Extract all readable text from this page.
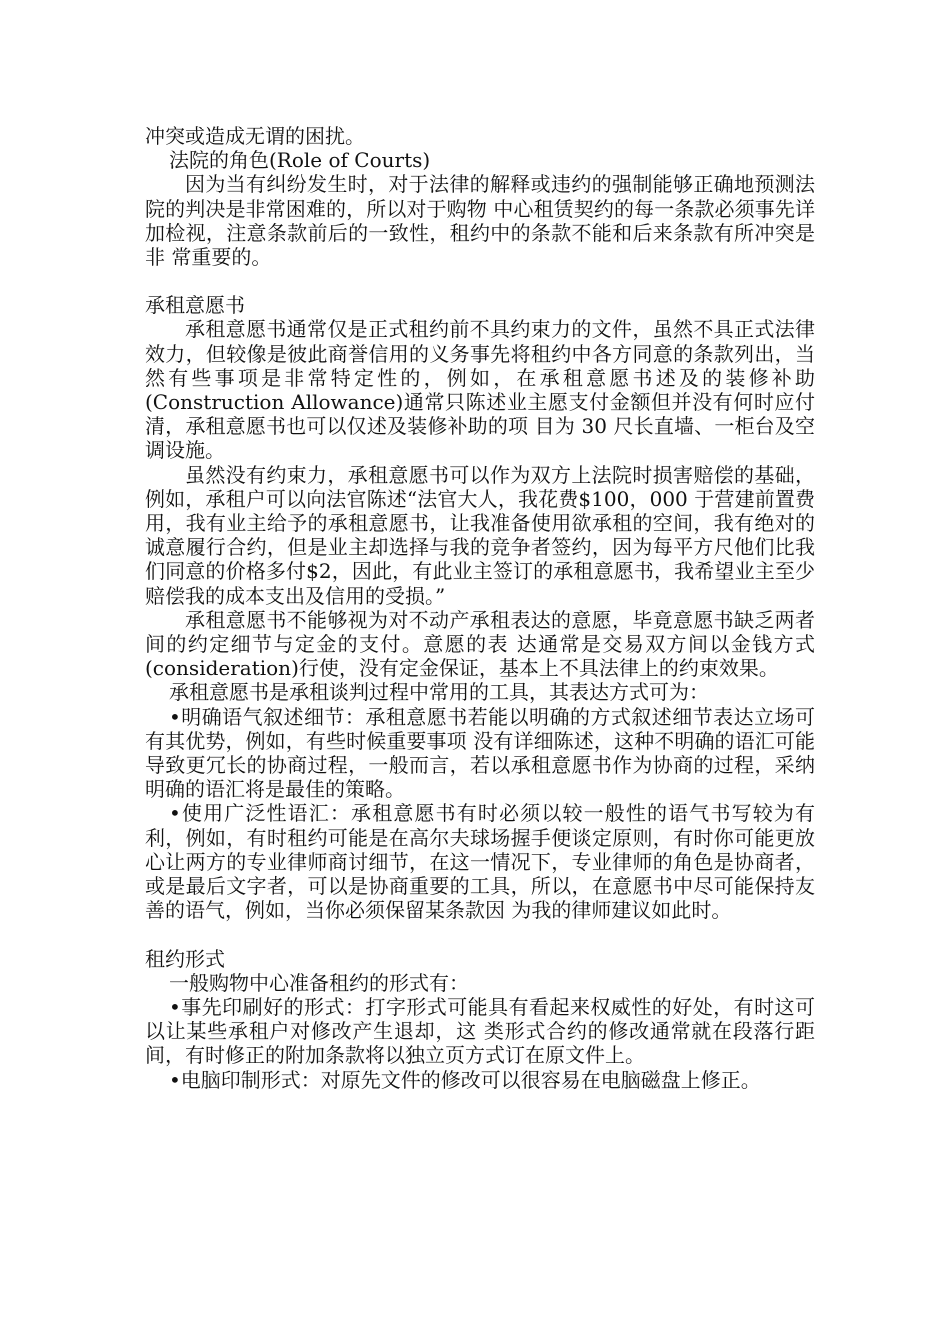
冲突或造成无谓的困扰。

法院的角色(Role of Courts)

因为当有纠纷发生时，对于法律的解释或违约的强制能够正确地预测法院的判决是非常困难的，所以对于购物 中心租赁契约的每一条款必须事先详加检视，注意条款前后的一致性，租约中的条款不能和后来条款有所冲突是非 常重要的。

承租意愿书

承租意愿书通常仅是正式租约前不具约束力的文件，虽然不具正式法律效力，但较像是彼此商誉信用的义务事先将租约中各方同意的条款列出，当然有些事项是非常特定性的，例如，在承租意愿书述及的装修补助 (Construction Allowance)通常只陈述业主愿支付金额但并没有何时应付清，承租意愿书也可以仅述及装修补助的项 目为 30 尺长直墙、一柜台及空调设施。

虽然没有约束力，承租意愿书可以作为双方上法院时损害赔偿的基础，例如，承租户可以向法官陈述“法官大人，我花费$100，000 于营建前置费用，我有业主给予的承租意愿书，让我准备使用欲承租的空间，我有绝对的诚意履行合约，但是业主却选择与我的竞争者签约，因为每平方尺他们比我们同意的价格多付$2，因此，有此业主签订的承租意愿书，我希望业主至少赔偿我的成本支出及信用的受损。”

承租意愿书不能够视为对不动产承租表达的意愿，毕竟意愿书缺乏两者间的约定细节与定金的支付。意愿的表 达通常是交易双方间以金钱方式(consideration)行使，没有定金保证，基本上不具法律上的约束效果。

承租意愿书是承租谈判过程中常用的工具，其表达方式可为：

•明确语气叙述细节：承租意愿书若能以明确的方式叙述细节表达立场可有其优势，例如，有些时候重要事项 没有详细陈述，这种不明确的语汇可能导致更冗长的协商过程，一般而言，若以承租意愿书作为协商的过程，采纳 明确的语汇将是最佳的策略。

•使用广泛性语汇：承租意愿书有时必须以较一般性的语气书写较为有利，例如，有时租约可能是在高尔夫球场握手便谈定原则，有时你可能更放心让两方的专业律师商讨细节，在这一情况下，专业律师的角色是协商者，或是最后文字者，可以是协商重要的工具，所以，在意愿书中尽可能保持友善的语气，例如，当你必须保留某条款因 为我的律师建议如此时。

租约形式

一般购物中心准备租约的形式有：

•事先印刷好的形式：打字形式可能具有看起来权威性的好处，有时这可以让某些承租户对修改产生退却，这 类形式合约的修改通常就在段落行距间，有时修正的附加条款将以独立页方式订在原文件上。

•电脑印制形式：对原先文件的修改可以很容易在电脑磁盘上修正。
